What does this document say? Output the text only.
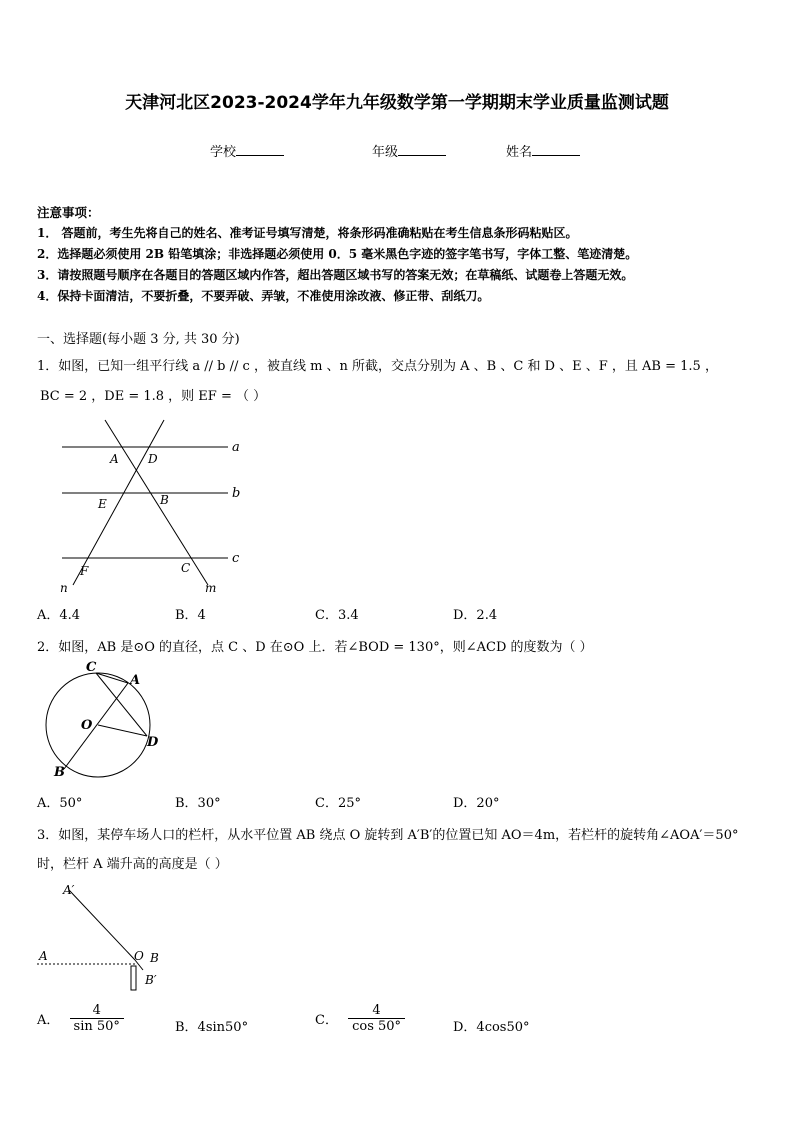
天津河北区2023-2024学年九年级数学第一学期期末学业质量监测试题
学校	年级	姓名
注意事项：
1． 答题前，考生先将自己的姓名、准考证号填写清楚，将条形码准确粘贴在考生信息条形码粘贴区。
2．选择题必须使用 2B 铅笔填涂；非选择题必须使用 0．5 毫米黑色字迹的签字笔书写，字体工整、笔迹清楚。
3．请按照题号顺序在各题目的答题区域内作答，超出答题区域书写的答案无效；在草稿纸、试题卷上答题无效。
4．保持卡面清洁，不要折叠，不要弄破、弄皱，不准使用涂改液、修正带、刮纸刀。
一、选择题(每小题 3 分, 共 30 分)
1．如图，已知一组平行线 a // b // c ，被直线 m 、n 所截，交点分别为 A 、B 、C 和 D 、E 、F ，且 AB = 1.5 ，
BC = 2 ，DE = 1.8 ，则 EF = （ ）
a
b
c
A D
E	B
F	C
n	m
A．4.4	B．4	C．3.4	D．2.4
2．如图，AB 是⊙O 的直径，点 C 、D 在⊙O 上．若∠BOD = 130°，则∠ACD 的度数为（ ）
C
A
O
D
B
A．50°	B．30°	C．25°	D．20°
3．如图，某停车场人口的栏杆，从水平位置 AB 绕点 O 旋转到 A′B′的位置已知 AO＝4m，若栏杆的旋转角∠AOA′＝50°
时，栏杆 A 端升高的高度是（ ）
A′
A	O B
B′
A． $\frac{4}{\sin 50^\circ}$	B．4sin50°	C． $\frac{4}{\cos 50^\circ}$	D．4cos50°
